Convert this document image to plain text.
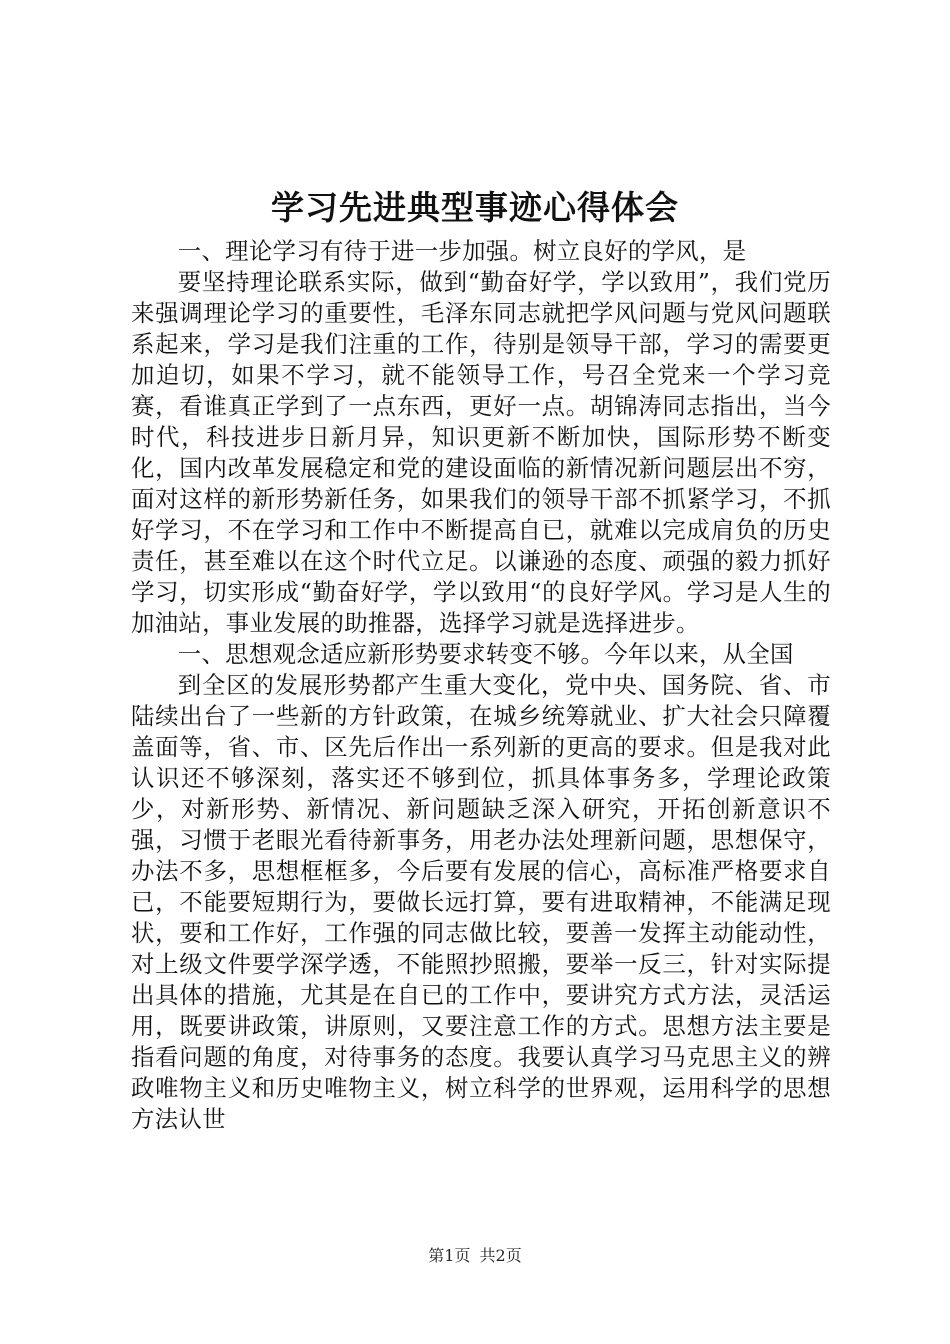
学习先进典型事迹心得体会

一、理论学习有待于进一步加强。树立良好的学风，是

要坚持理论联系实际，做到“勤奋好学，学以致用”，我们党历来强调理论学习的重要性，毛泽东同志就把学风问题与党风问题联系起来，学习是我们注重的工作，待别是领导干部，学习的需要更加迫切，如果不学习，就不能领导工作，号召全党来一个学习竞赛，看谁真正学到了一点东西，更好一点。胡锦涛同志指出，当今时代，科技进步日新月异，知识更新不断加快，国际形势不断变化，国内改革发展稳定和党的建设面临的新情况新问题层出不穷，面对这样的新形势新任务，如果我们的领导干部不抓紧学习，不抓好学习，不在学习和工作中不断提高自已，就难以完成肩负的历史责任，甚至难以在这个时代立足。以谦逊的态度、顽强的毅力抓好学习，切实形成“勤奋好学，学以致用“的良好学风。学习是人生的加油站，事业发展的助推器，选择学习就是选择进步。

一、思想观念适应新形势要求转变不够。今年以来，从全国

到全区的发展形势都产生重大变化，党中央、国务院、省、市陆续出台了一些新的方针政策，在城乡统筹就业、扩大社会只障覆盖面等，省、市、区先后作出一系列新的更高的要求。但是我对此认识还不够深刻，落实还不够到位，抓具体事务多，学理论政策少，对新形势、新情况、新问题缺乏深入研究，开拓创新意识不强，习惯于老眼光看待新事务，用老办法处理新问题，思想保守，办法不多，思想框框多，今后要有发展的信心，高标准严格要求自已，不能要短期行为，要做长远打算，要有进取精神，不能满足现状，要和工作好，工作强的同志做比较，要善一发挥主动能动性，对上级文件要学深学透，不能照抄照搬，要举一反三，针对实际提出具体的措施，尤其是在自已的工作中，要讲究方式方法，灵活运用，既要讲政策，讲原则，又要注意工作的方式。思想方法主要是指看问题的角度，对待事务的态度。我要认真学习马克思主义的辨政唯物主义和历史唯物主义，树立科学的世界观，运用科学的思想方法认世

第1页 共2页
